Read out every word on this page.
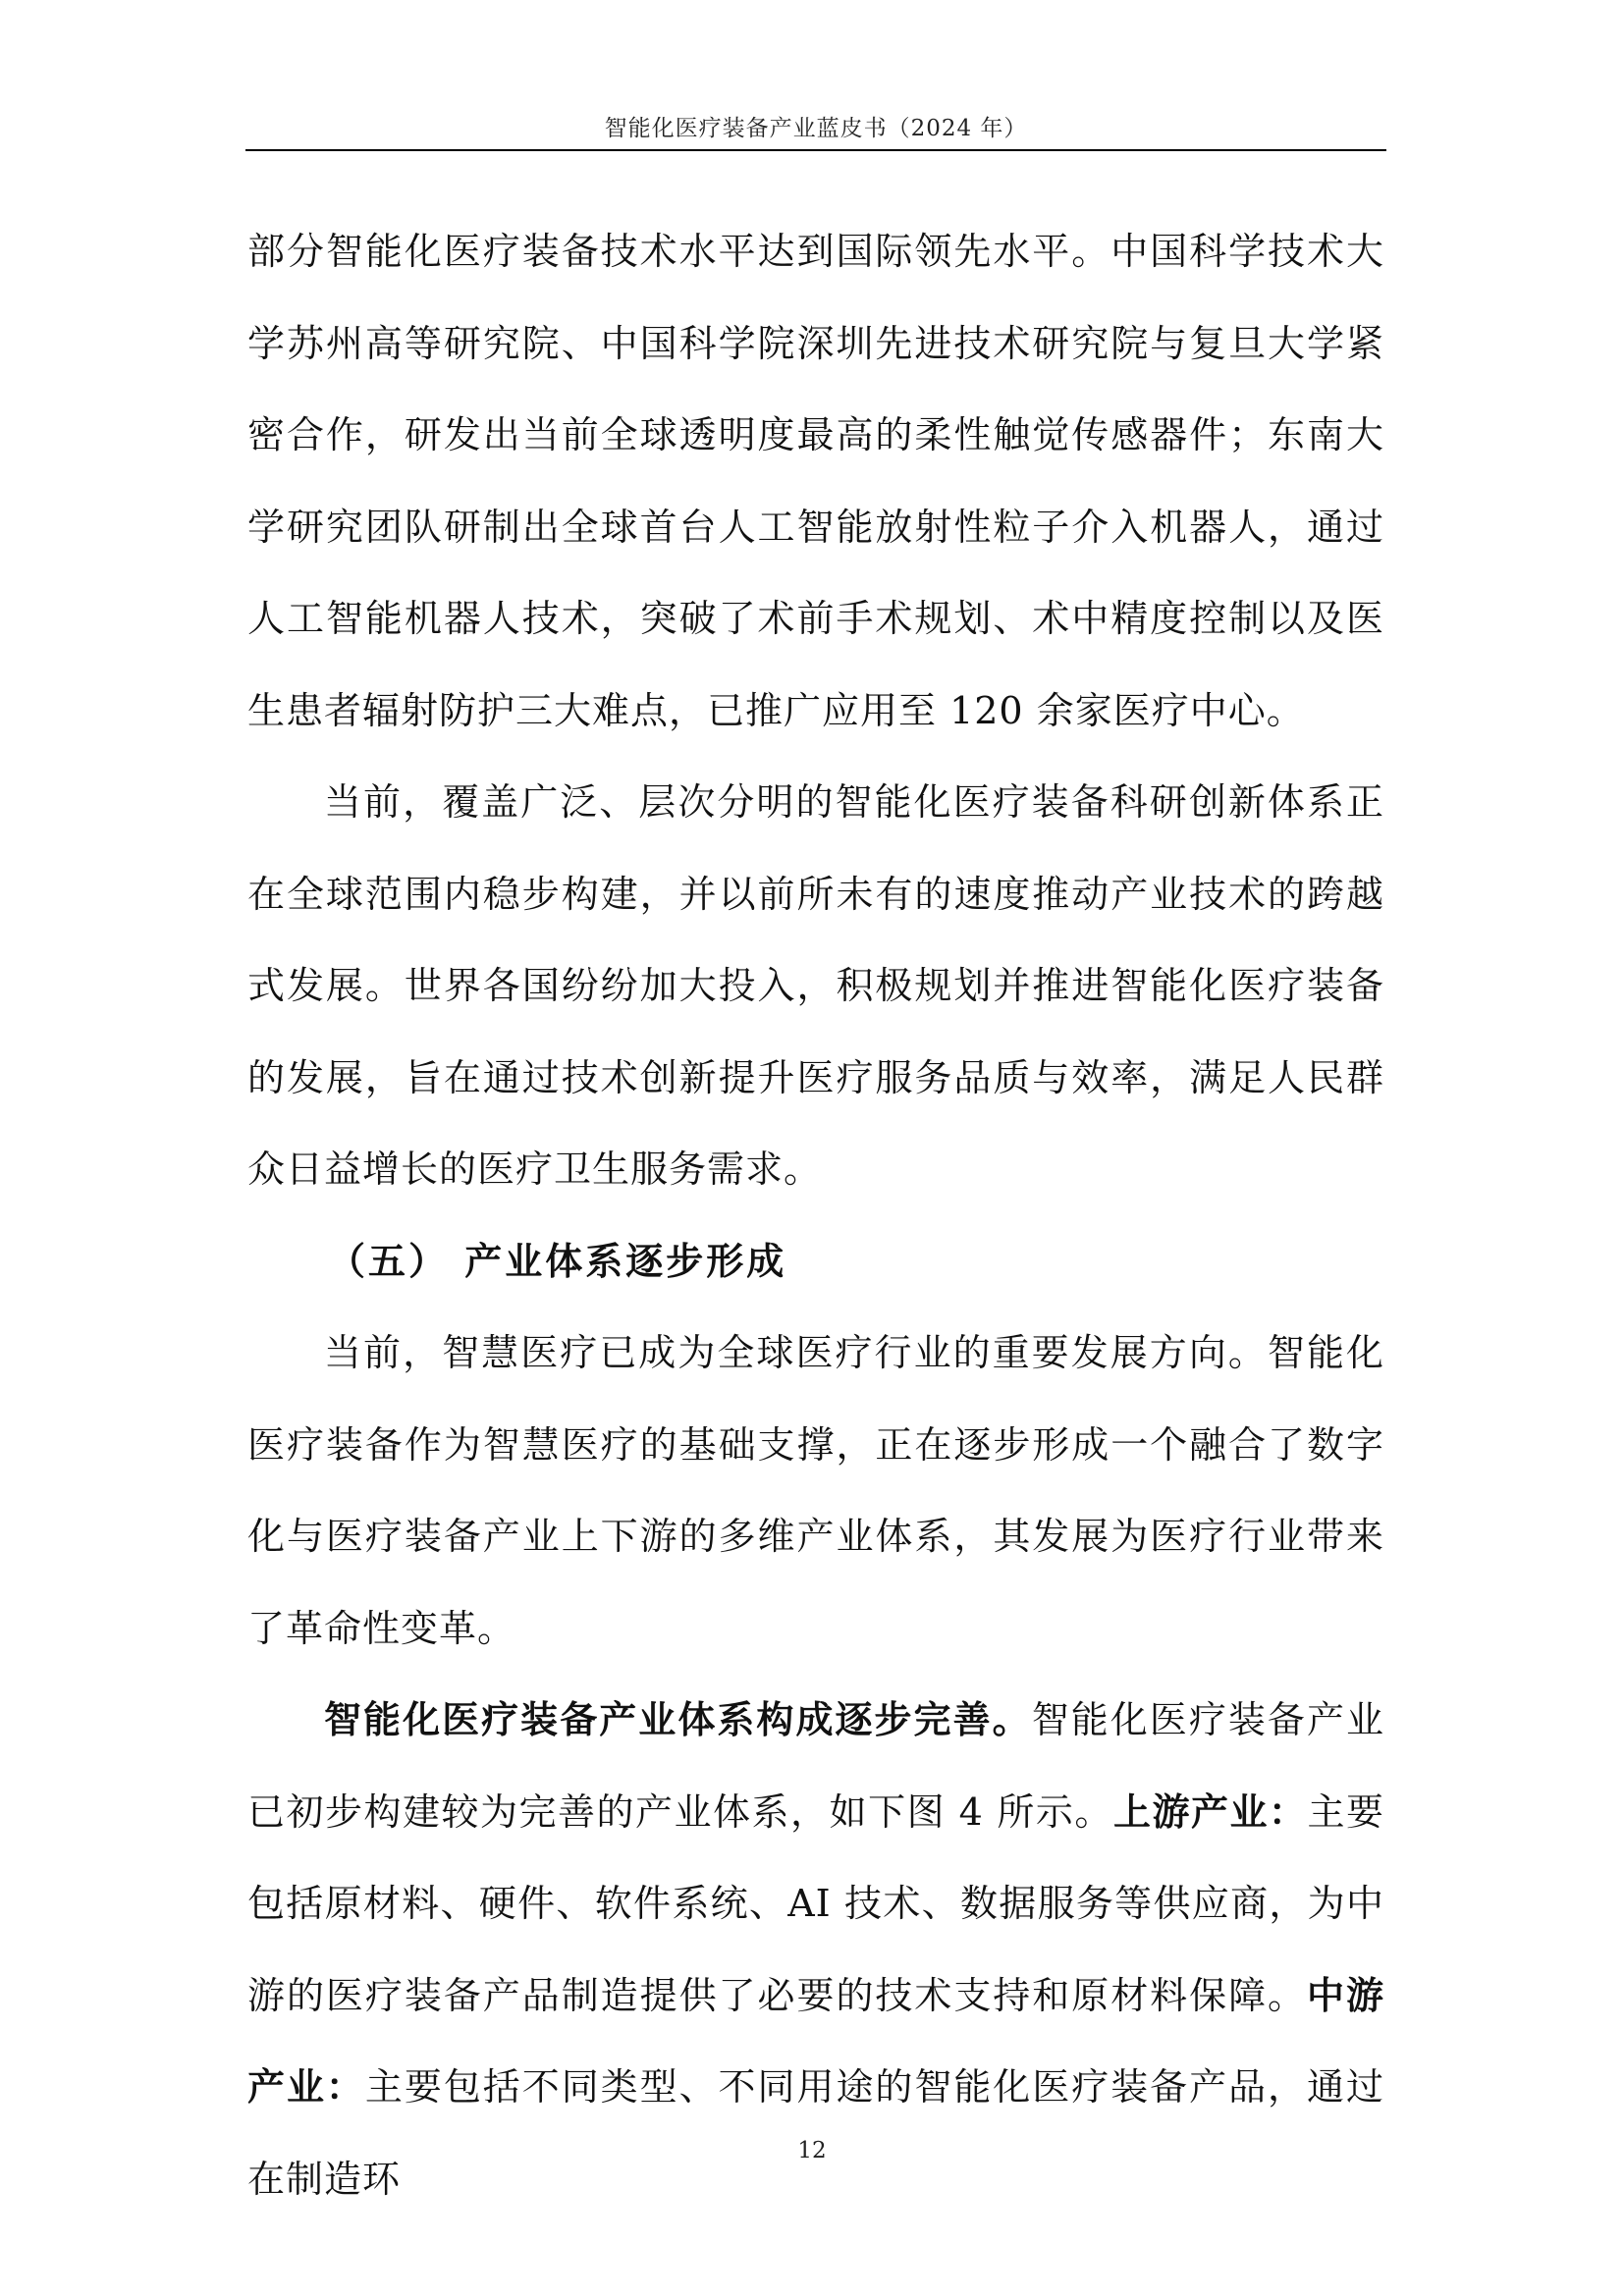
智能化医疗装备产业蓝皮书（2024 年）

部分智能化医疗装备技术水平达到国际领先水平。中国科学技术大学苏州高等研究院、中国科学院深圳先进技术研究院与复旦大学紧密合作，研发出当前全球透明度最高的柔性触觉传感器件；东南大学研究团队研制出全球首台人工智能放射性粒子介入机器人，通过人工智能机器人技术，突破了术前手术规划、术中精度控制以及医生患者辐射防护三大难点，已推广应用至 120 余家医疗中心。

当前，覆盖广泛、层次分明的智能化医疗装备科研创新体系正在全球范围内稳步构建，并以前所未有的速度推动产业技术的跨越式发展。世界各国纷纷加大投入，积极规划并推进智能化医疗装备的发展，旨在通过技术创新提升医疗服务品质与效率，满足人民群众日益增长的医疗卫生服务需求。

（五） 产业体系逐步形成

当前，智慧医疗已成为全球医疗行业的重要发展方向。智能化医疗装备作为智慧医疗的基础支撑，正在逐步形成一个融合了数字化与医疗装备产业上下游的多维产业体系，其发展为医疗行业带来了革命性变革。

智能化医疗装备产业体系构成逐步完善。智能化医疗装备产业已初步构建较为完善的产业体系，如下图 4 所示。上游产业：主要包括原材料、硬件、软件系统、AI 技术、数据服务等供应商，为中游的医疗装备产品制造提供了必要的技术支持和原材料保障。中游产业：主要包括不同类型、不同用途的智能化医疗装备产品，通过在制造环

12
